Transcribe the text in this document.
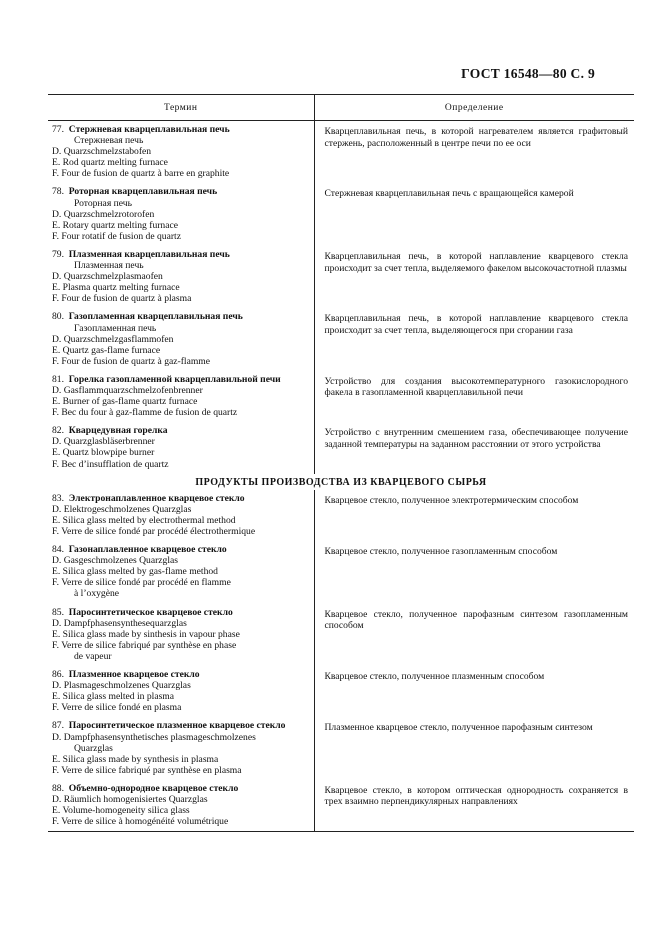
ГОСТ 16548—80 С. 9
Термин	Определение

77. Стержневая кварцеплавильная печь
Стержневая печь
D. Quarzschmelzstabofen
E. Rod quartz melting furnace
F. Four de fusion de quartz à barre en graphite	Кварцеплавильная печь, в которой нагревателем является графитовый стержень, расположенный в центре печи по ее оси

78. Роторная кварцеплавильная печь
Роторная печь
D. Quarzschmelzrotorofen
E. Rotary quartz melting furnace
F. Four rotatif de fusion de quartz	Стержневая кварцеплавильная печь с вращающейся камерой

79. Плазменная кварцеплавильная печь
Плазменная печь
D. Quarzschmelzplasmaofen
E. Plasma quartz melting furnace
F. Four de fusion de quartz à plasma	Кварцеплавильная печь, в которой наплавление кварцевого стекла происходит за счет тепла, выделяемого факелом высокочастотной плазмы

80. Газопламенная кварцеплавильная печь
Газопламенная печь
D. Quarzschmelzgasflammofen
E. Quartz gas-flame furnace
F. Four de fusion de quartz à gaz-flamme	Кварцеплавильная печь, в которой наплавление кварцевого стекла происходит за счет тепла, выделяющегося при сгорании газа

81. Горелка газопламенной кварцеплавильной печи
D. Gasflammquarzschmelzofenbrenner
E. Burner of gas-flame quartz furnace
F. Bec du four à gaz-flamme de fusion de quartz	Устройство для создания высокотемпературного газокислородного факела в газопламенной кварцеплавильной печи

82. Кварцедувная горелка
D. Quarzglasbläserbrenner
E. Quartz blowpipe burner
F. Bec d’insufflation de quartz	Устройство с внутренним смешением газа, обеспечивающее получение заданной температуры на заданном расстоянии от этого устройства
ПРОДУКТЫ ПРОИЗВОДСТВА ИЗ КВАРЦЕВОГО СЫРЬЯ	

83. Электронаплавленное кварцевое стекло
D. Elektrogeschmolzenes Quarzglas
E. Silica glass melted by electrothermal method
F. Verre de silice fondé par procédé électrothermique	Кварцевое стекло, полученное электротермическим способом

84. Газонаплавленное кварцевое стекло
D. Gasgeschmolzenes Quarzglas
E. Silica glass melted by gas-flame method
F. Verre de silice fondé par procédé en flamme
à l’oxygène	Кварцевое стекло, полученное газопламенным способом

85. Паросинтетическое кварцевое стекло
D. Dampfphasensynthesequarzglas
E. Silica glass made by sinthesis in vapour phase
F. Verre de silice fabriqué par synthèse en phase
de vapeur	Кварцевое стекло, полученное парофазным синтезом газопламенным способом

86. Плазменное кварцевое стекло
D. Plasmageschmolzenes Quarzglas
E. Silica glass melted in plasma
F. Verre de silice fondé en plasma	Кварцевое стекло, полученное плазменным способом

87. Паросинтетическое плазменное кварцевое стекло
D. Dampfphasensynthetisches plasmageschmolzenes
Quarzglas
E. Silica glass made by synthesis in plasma
F. Verre de silice fabriqué par synthèse en plasma	Плазменное кварцевое стекло, полученное парофазным синтезом

88. Объемно-однородное кварцевое стекло
D. Räumlich homogenisiertes Quarzglas
E. Volume-homogeneity silica glass
F. Verre de silice à homogénéité volumétrique	Кварцевое стекло, в котором оптическая однородность сохраняется в трех взаимно перпендикулярных направлениях
